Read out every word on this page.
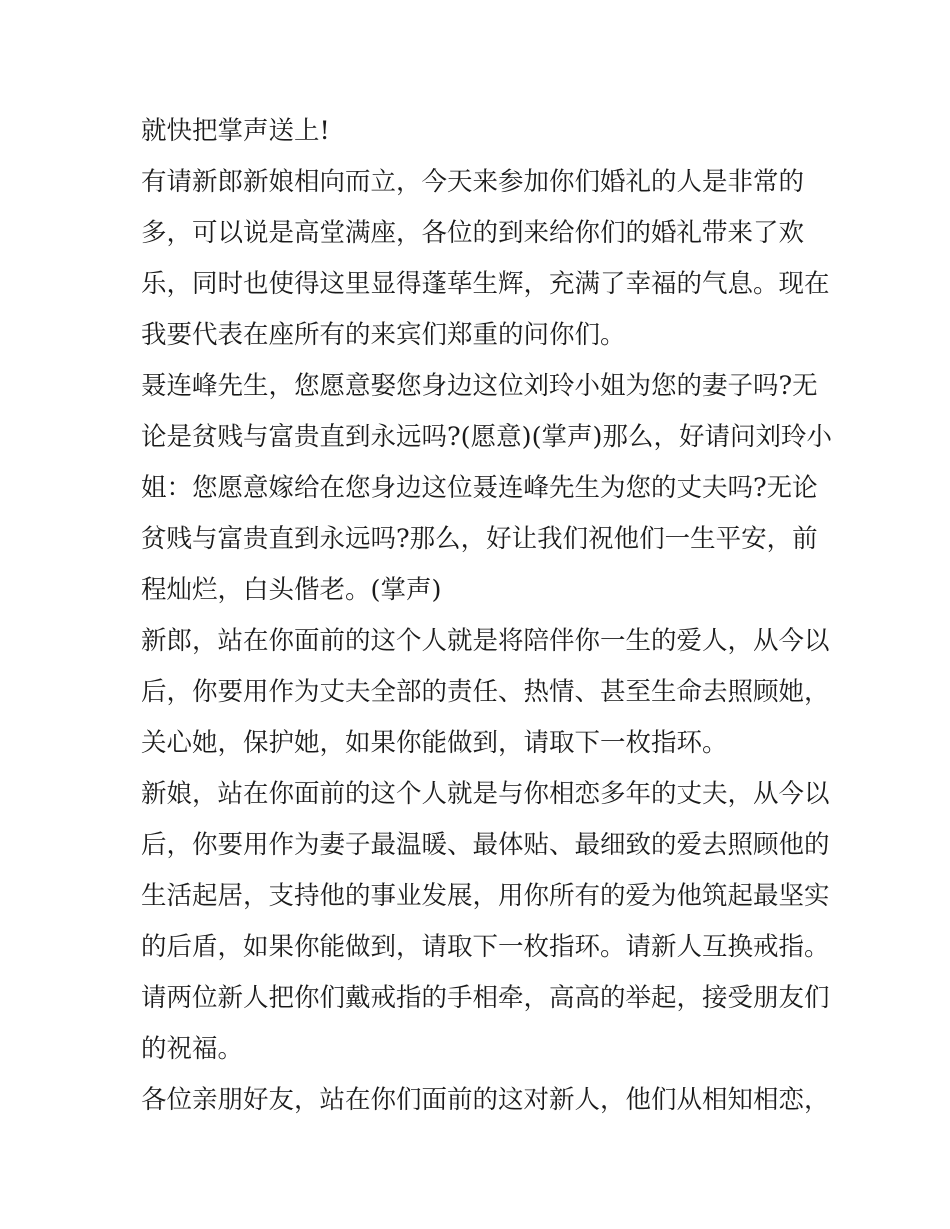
就快把掌声送上!
有请新郎新娘相向而立，今天来参加你们婚礼的人是非常的
多，可以说是高堂满座，各位的到来给你们的婚礼带来了欢
乐，同时也使得这里显得蓬荜生辉，充满了幸福的气息。现在
我要代表在座所有的来宾们郑重的问你们。
聂连峰先生，您愿意娶您身边这位刘玲小姐为您的妻子吗?无
论是贫贱与富贵直到永远吗?(愿意)(掌声)那么，好请问刘玲小
姐：您愿意嫁给在您身边这位聂连峰先生为您的丈夫吗?无论
贫贱与富贵直到永远吗?那么，好让我们祝他们一生平安，前
程灿烂，白头偕老。(掌声)
新郎，站在你面前的这个人就是将陪伴你一生的爱人，从今以
后，你要用作为丈夫全部的责任、热情、甚至生命去照顾她，
关心她，保护她，如果你能做到，请取下一枚指环。
新娘，站在你面前的这个人就是与你相恋多年的丈夫，从今以
后，你要用作为妻子最温暖、最体贴、最细致的爱去照顾他的
生活起居，支持他的事业发展，用你所有的爱为他筑起最坚实
的后盾，如果你能做到，请取下一枚指环。请新人互换戒指。
请两位新人把你们戴戒指的手相牵，高高的举起，接受朋友们
的祝福。
各位亲朋好友，站在你们面前的这对新人，他们从相知相恋，
